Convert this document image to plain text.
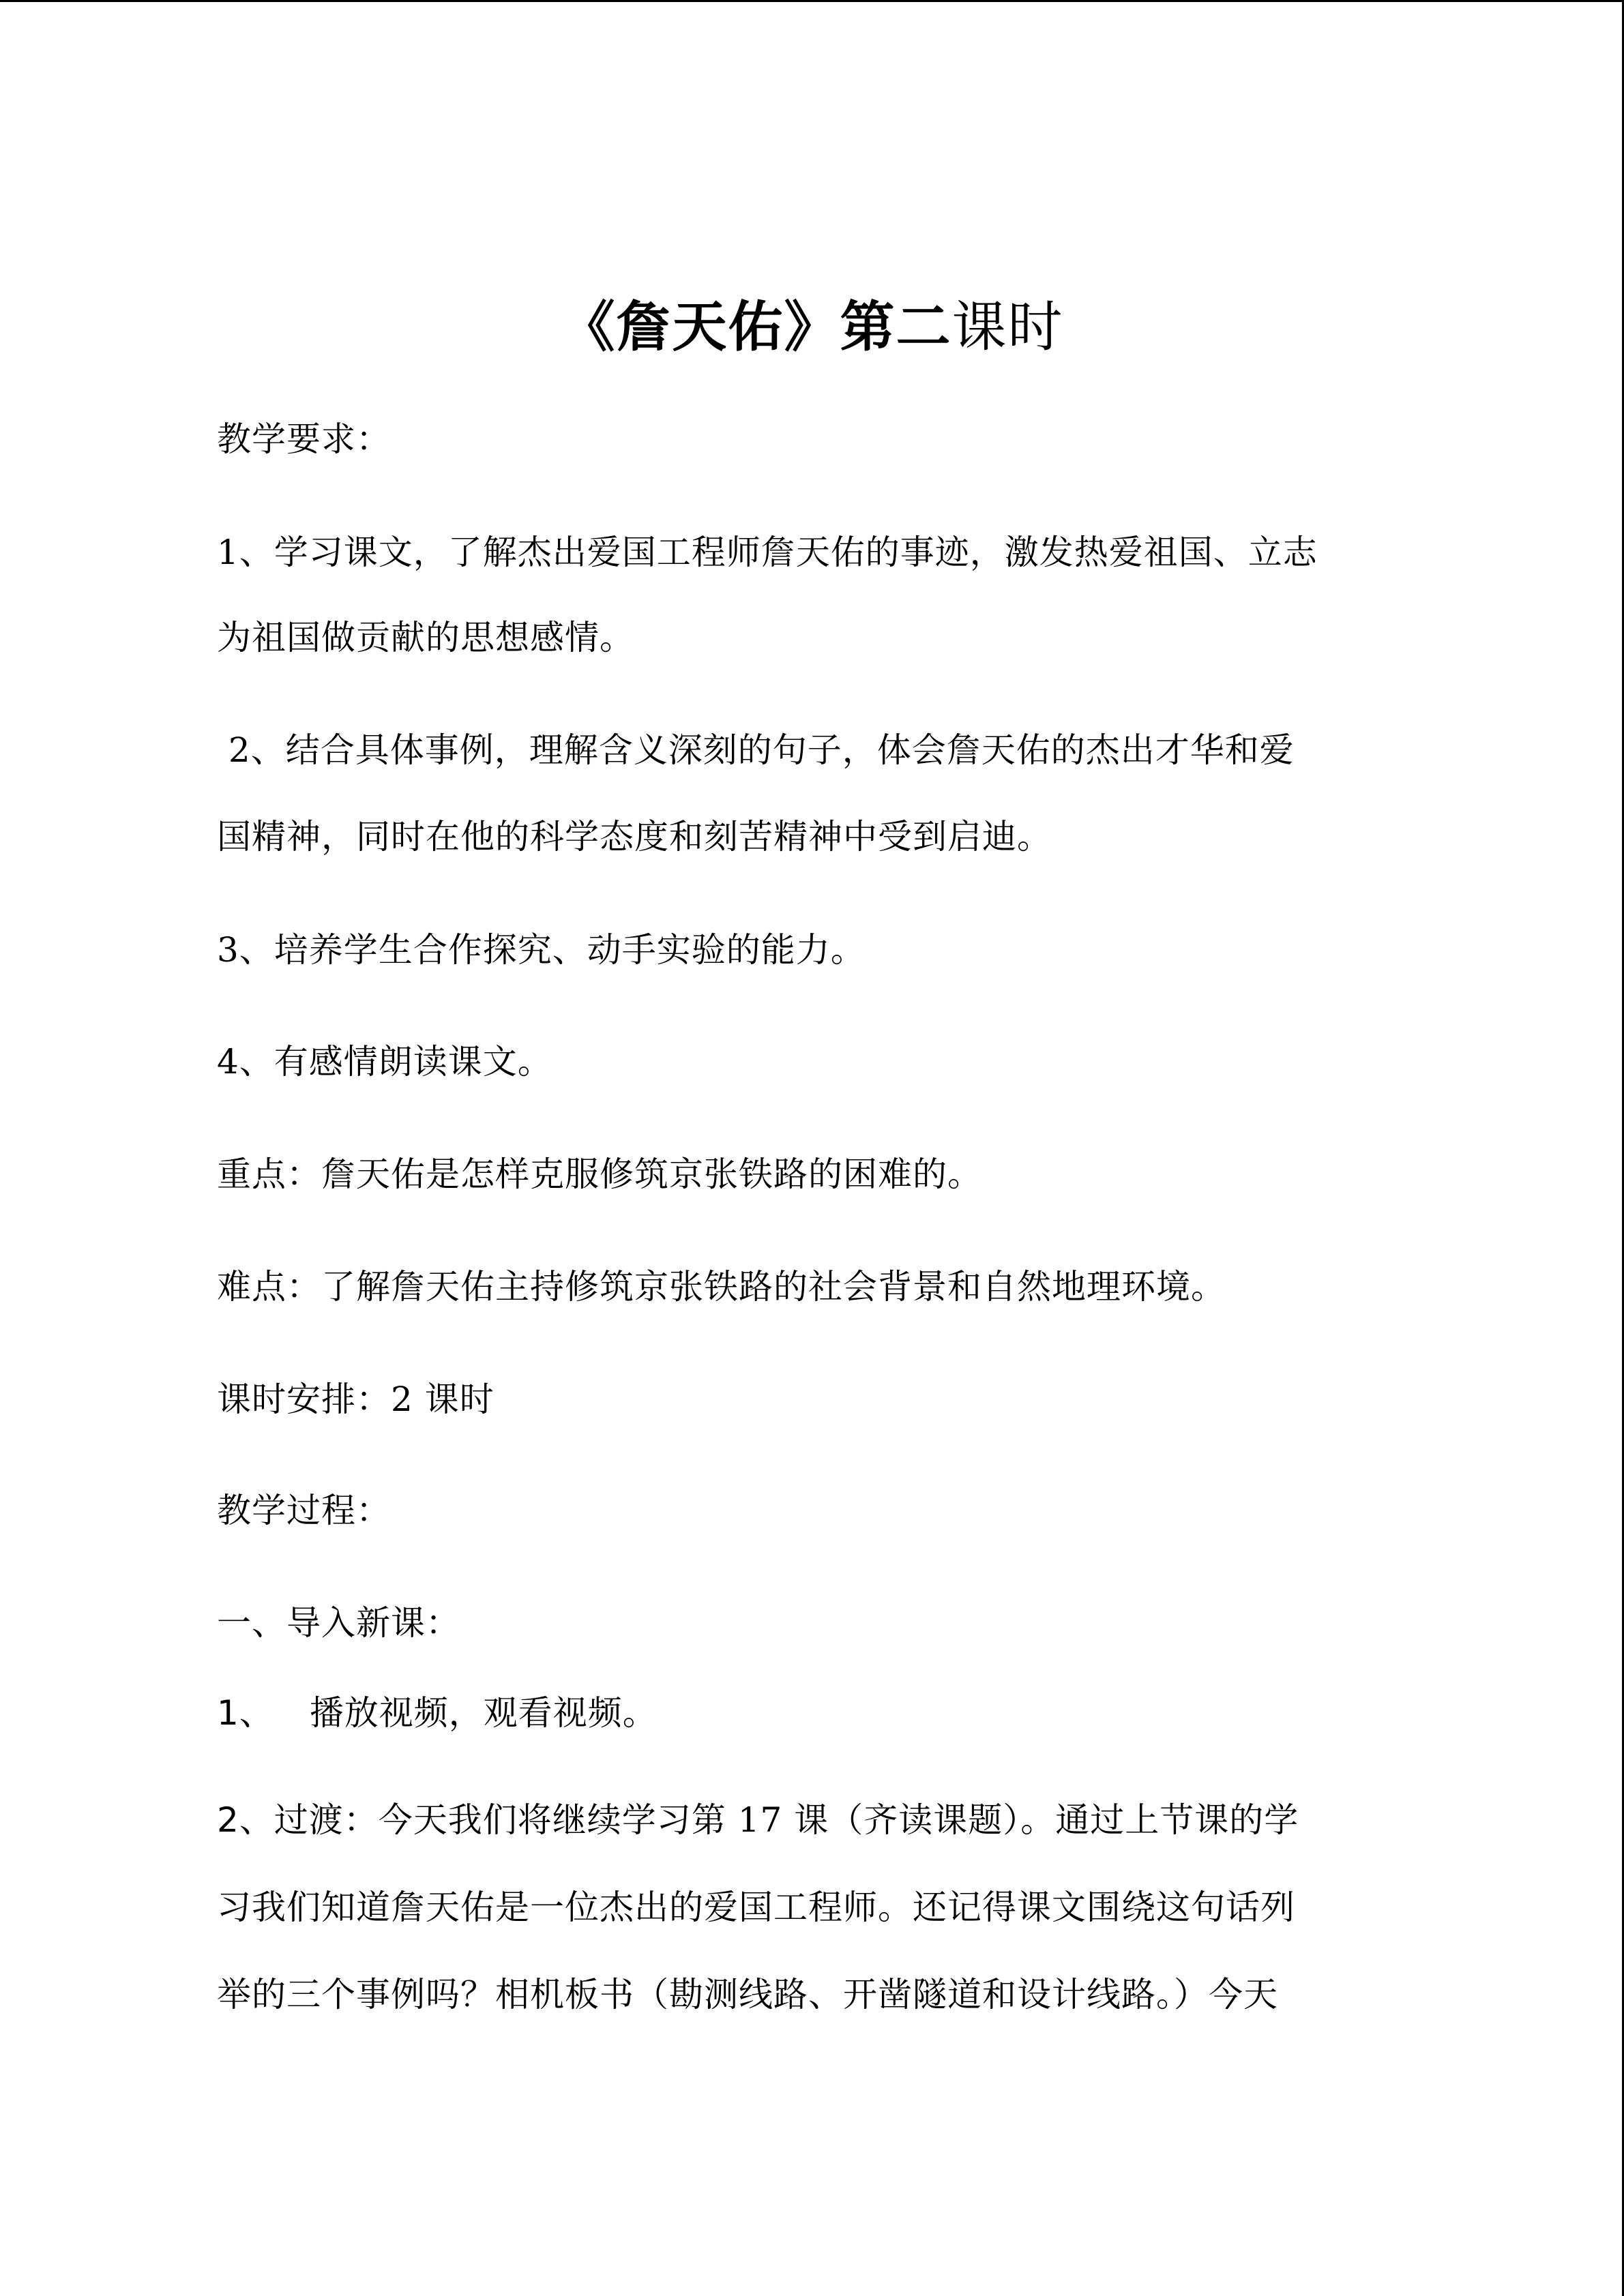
《詹天佑》第二课时
教学要求：
1、学习课文，了解杰出爱国工程师詹天佑的事迹，激发热爱祖国、立志
为祖国做贡献的思想感情。
2、结合具体事例，理解含义深刻的句子，体会詹天佑的杰出才华和爱
国精神，同时在他的科学态度和刻苦精神中受到启迪。
3、培养学生合作探究、动手实验的能力。
4、有感情朗读课文。
重点：詹天佑是怎样克服修筑京张铁路的困难的。
难点：了解詹天佑主持修筑京张铁路的社会背景和自然地理环境。
课时安排：2 课时
教学过程：
一、导入新课：
1、 播放视频，观看视频。
2、过渡：今天我们将继续学习第 17 课（齐读课题）。通过上节课的学
习我们知道詹天佑是一位杰出的爱国工程师。还记得课文围绕这句话列
举的三个事例吗？相机板书（勘测线路、开凿隧道和设计线路。）今天
